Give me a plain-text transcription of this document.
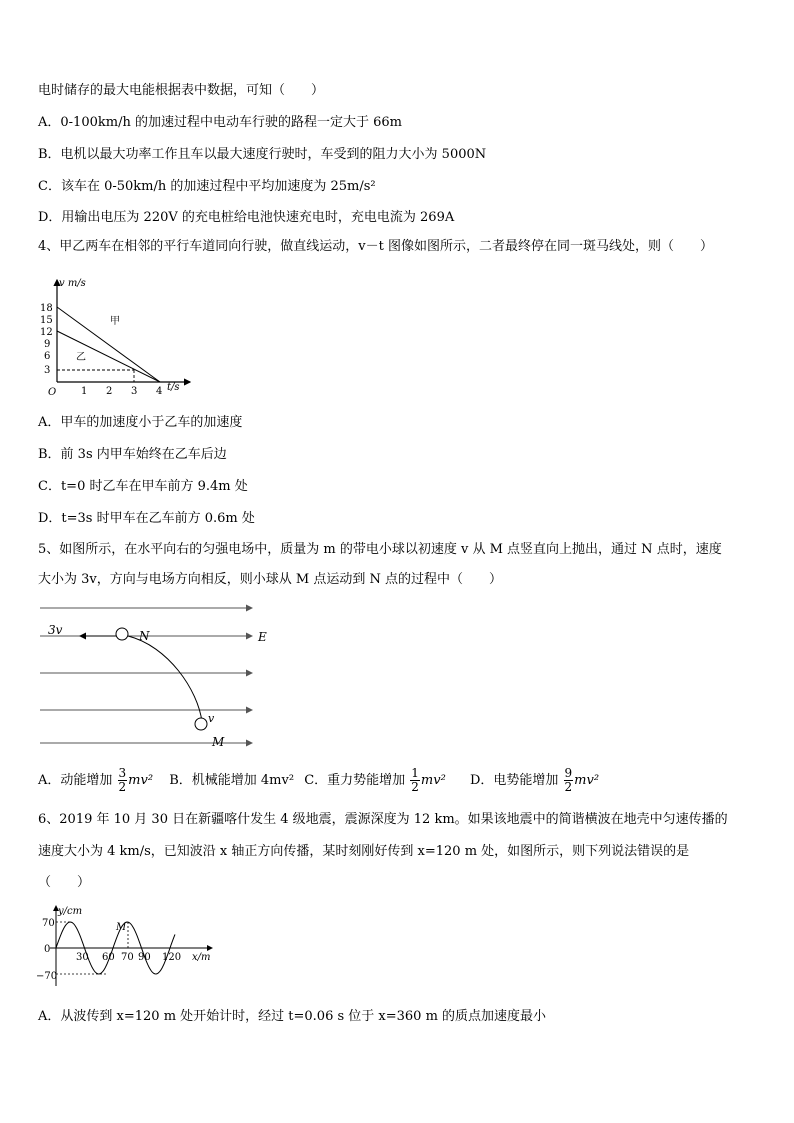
电时储存的最大电能根据表中数据，可知（　　）
A．0-100km/h 的加速过程中电动车行驶的路程一定大于 66m
B．电机以最大功率工作且车以最大速度行驶时，车受到的阻力大小为 5000N
C．该车在 0-50km/h 的加速过程中平均加速度为 25m/s²
D．用输出电压为 220V 的充电桩给电池快速充电时，充电电流为 269A
4、甲乙两车在相邻的平行车道同向行驶，做直线运动，v－t 图像如图所示，二者最终停在同一斑马线处，则（　　）
v m/s
t/s
O
18
15
12
9
6
3
1 2 3 4
甲
乙
A．甲车的加速度小于乙车的加速度
B．前 3s 内甲车始终在乙车后边
C．t=0 时乙车在甲车前方 9.4m 处
D．t=3s 时甲车在乙车前方 0.6m 处
5、如图所示，在水平向右的匀强电场中，质量为 m 的带电小球以初速度 v 从 M 点竖直向上抛出，通过 N 点时，速度
大小为 3v，方向与电场方向相反，则小球从 M 点运动到 N 点的过程中（　　）
3v	N	E
v
M
A．动能增加 $\frac{3}{2} mv^2$ B．机械能增加 4mv² C．重力势能增加 $\frac{1}{2} mv^2$ D．电势能增加 $\frac{9}{2} mv^2$
6、2019 年 10 月 30 日在新疆喀什发生 4 级地震，震源深度为 12 km。如果该地震中的简谐横波在地壳中匀速传播的
速度大小为 4 km/s，已知波沿 x 轴正方向传播，某时刻刚好传到 x=120 m 处，如图所示，则下列说法错误的是
（　　）
y/cm
x/m
70
0
−70
30 60 70 90 120
M
A．从波传到 x=120 m 处开始计时，经过 t=0.06 s 位于 x=360 m 的质点加速度最小
